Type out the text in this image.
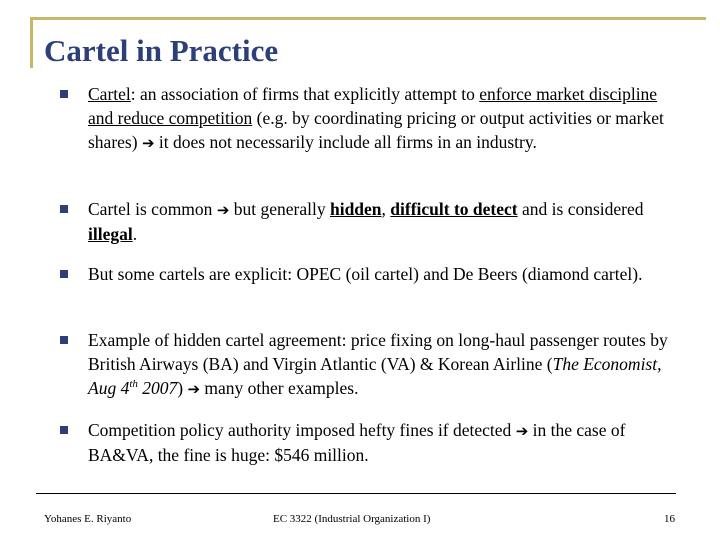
Cartel in Practice
Cartel: an association of firms that explicitly attempt to enforce market discipline and reduce competition (e.g. by coordinating pricing or output activities or market shares) ➔ it does not necessarily include all firms in an industry.
Cartel is common ➔ but generally hidden, difficult to detect and is considered illegal.
But some cartels are explicit: OPEC (oil cartel) and De Beers (diamond cartel).
Example of hidden cartel agreement: price fixing on long-haul passenger routes by British Airways (BA) and Virgin Atlantic (VA) & Korean Airline (The Economist, Aug 4th 2007) ➔ many other examples.
Competition policy authority imposed hefty fines if detected ➔ in the case of BA&VA, the fine is huge: $546 million.
Yohanes E. Riyanto	EC 3322 (Industrial Organization I)	16
